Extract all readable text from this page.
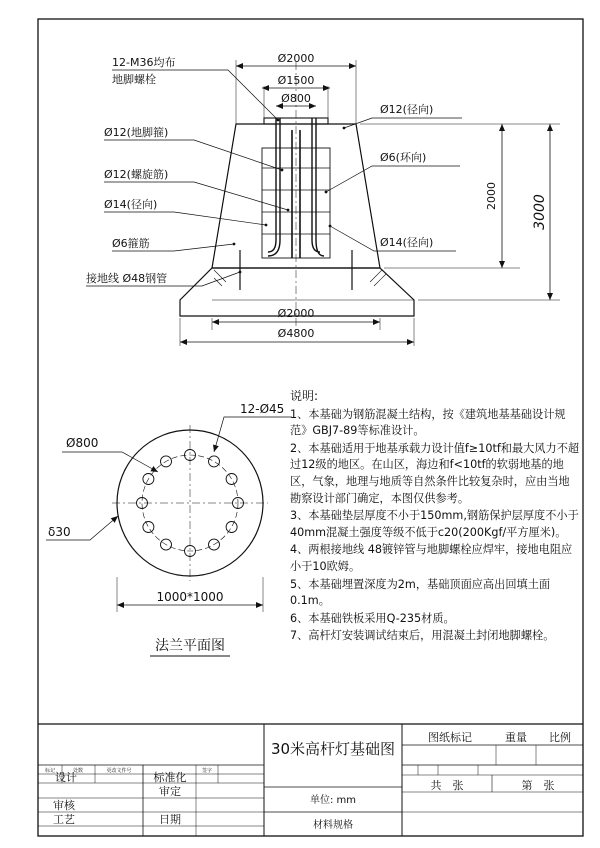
Ø2000
Ø1500
Ø800
Ø2000
Ø4800
2000 3000
12-M36均布
地脚螺栓
Ø12(地脚箍)
Ø12(螺旋筋)
Ø14(径向)
Ø6箍筋
接地线 Ø48钢管
Ø12(径向)
Ø6(环向)
Ø14(径向)
12-Ø45
Ø800
δ30
1000*1000
法兰平面图
30米高杆灯基础图
图纸标记	重量 比例
共　张	第　张
单位: mm
材料规格
标记	处数	更改文件号	签字
设计	标准化
审定
审核
工艺	日期
说明:
1、本基础为钢筋混凝土结构，按《建筑地基基础设计规范》GBJ7-89等标准设计。
2、本基础适用于地基承载力设计值f≥10tf和最大风力不超过12级的地区。在山区，海边和f<10tf的软弱地基的地区，气象，地理与地质等自然条件比较复杂时，应由当地勘察设计部门确定，本图仅供参考。
3、本基础垫层厚度不小于150mm,钢筋保护层厚度不小于40mm混凝土强度等级不低于c20(200Kgf/平方厘米)。
4、两根接地线 48镀锌管与地脚螺栓应焊牢，接地电阻应小于10欧姆。
5、本基础埋置深度为2m，基础顶面应高出回填土面0.1m。
6、本基础铁板采用Q-235材质。
7、高杆灯安装调试结束后，用混凝土封闭地脚螺栓。
